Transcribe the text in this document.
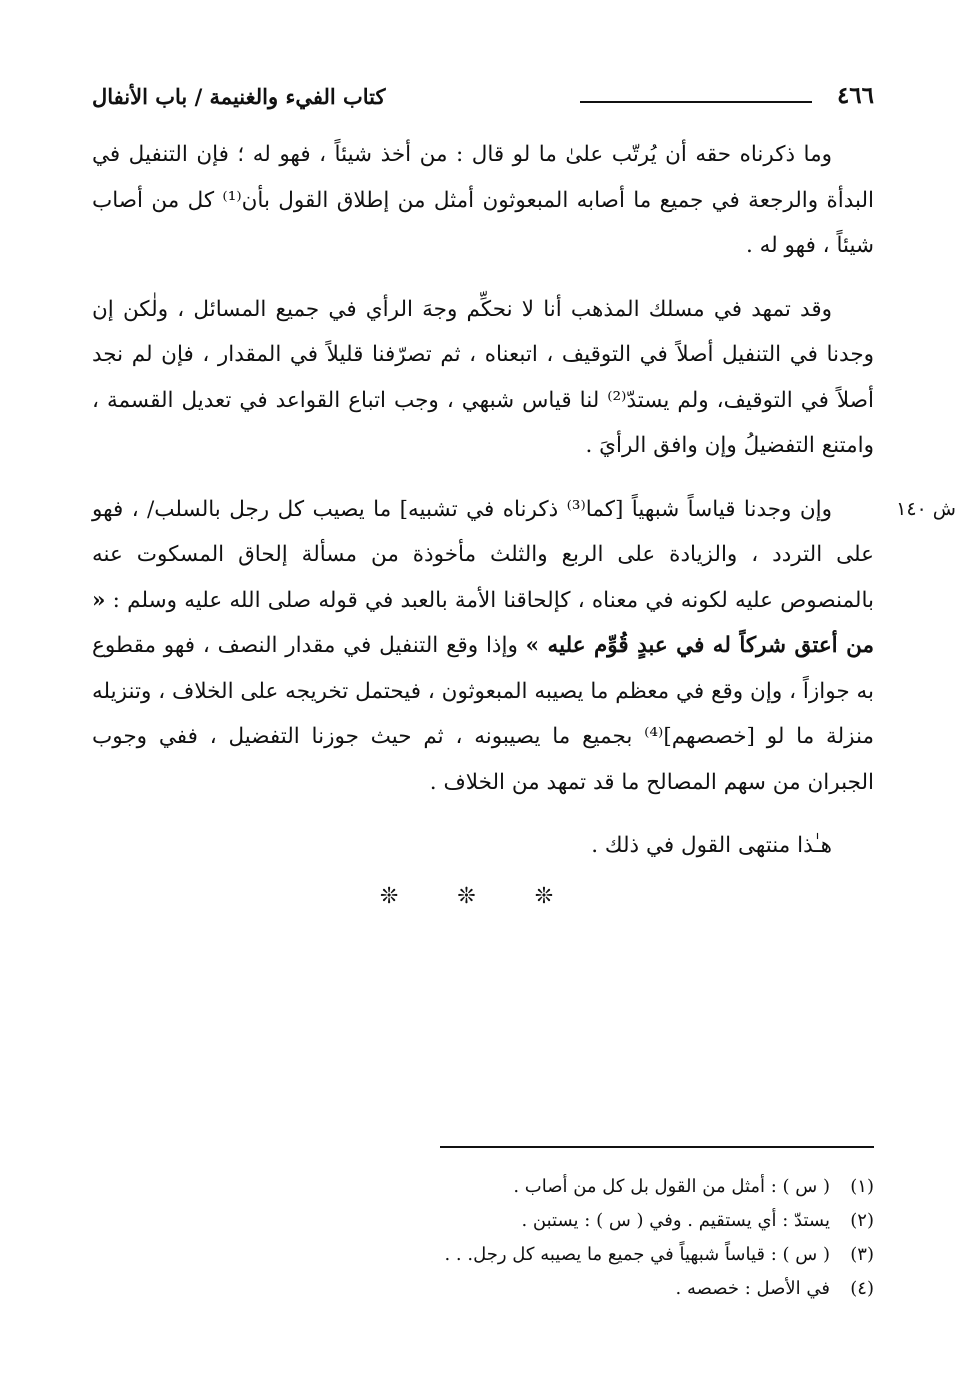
٤٦٦
كتاب الفيء والغنيمة / باب الأنفال

وما ذكرناه حقه أن يُرتّب علىٰ ما لو قال : من أخذ شيئاً ، فهو له ؛ فإن التنفيل في البدأة والرجعة في جميع ما أصابه المبعوثون أمثل من إطلاق القول بأن⁽¹⁾ كل من أصاب شيئاً ، فهو له .

وقد تمهد في مسلك المذهب أنا لا نحكِّم وجهَ الرأي في جميع المسائل ، ولٰكن إن وجدنا في التنفيل أصلاً في التوقيف ، اتبعناه ، ثم تصرّفنا قليلاً في المقدار ، فإن لم نجد أصلاً في التوقيف، ولم يستدّ⁽²⁾ لنا قياس شبهي ، وجب اتباع القواعد في تعديل القسمة ، وامتنع التفضيلُ وإن وافق الرأيَ .

ش ١٤٠

وإن وجدنا قياساً شبهياً [كما⁽³⁾ ذكرناه في تشبيه] ما يصيب كل رجل بالسلب/ ، فهو على التردد ، والزيادة على الربع والثلث مأخوذة من مسألة إلحاق المسكوت عنه بالمنصوص عليه لكونه في معناه ، كإلحاقنا الأمة بالعبد في قوله صلى الله عليه وسلم : « من أعتق شركاً له في عبدٍ قُوِّم عليه » وإذا وقع التنفيل في مقدار النصف ، فهو مقطوع به جوازاً ، وإن وقع في معظم ما يصيبه المبعوثون ، فيحتمل تخريجه على الخلاف ، وتنزيله منزلة ما لو [خصصهم]⁽⁴⁾ بجميع ما يصيبونه ، ثم حيث جوزنا التفضيل ، ففي وجوب الجبران من سهم المصالح ما قد تمهد من الخلاف .

هـٰذا منتهى القول في ذلك .

❊ ❊ ❊
(١)
( س ) : أمثل من القول بل كل من أصاب .
(٢)
يستدّ : أي يستقيم . وفي ( س ) : يستبن .
(٣)
( س ) : قياساً شبهياً في جميع ما يصيبه كل رجل. . .
(٤)
في الأصل : خصصه .
